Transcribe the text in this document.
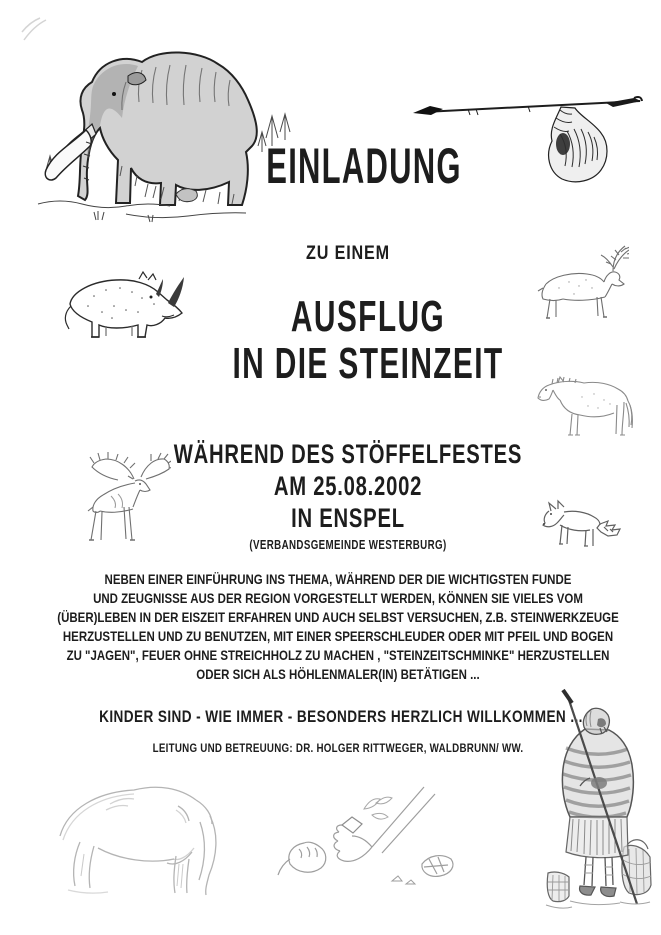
EINLADUNG
ZU EINEM
AUSFLUG
IN DIE STEINZEIT
WÄHREND DES STÖFFELFESTES
AM 25.08.2002
IN ENSPEL
(VERBANDSGEMEINDE WESTERBURG)
NEBEN EINER EINFÜHRUNG INS THEMA, WÄHREND DER DIE WICHTIGSTEN FUNDE
UND ZEUGNISSE AUS DER REGION VORGESTELLT WERDEN, KÖNNEN SIE VIELES VOM
(ÜBER)LEBEN IN DER EISZEIT ERFAHREN UND AUCH SELBST VERSUCHEN, Z.B. STEINWERKZEUGE
HERZUSTELLEN UND ZU BENUTZEN, MIT EINER SPEERSCHLEUDER ODER MIT PFEIL UND BOGEN
ZU "JAGEN", FEUER OHNE STREICHHOLZ ZU MACHEN , "STEINZEITSCHMINKE" HERZUSTELLEN
ODER SICH ALS HÖHLENMALER(IN) BETÄTIGEN ...
KINDER SIND - WIE IMMER - BESONDERS HERZLICH WILLKOMMEN ...
LEITUNG UND BETREUUNG: DR. HOLGER RITTWEGER, WALDBRUNN/ WW.
